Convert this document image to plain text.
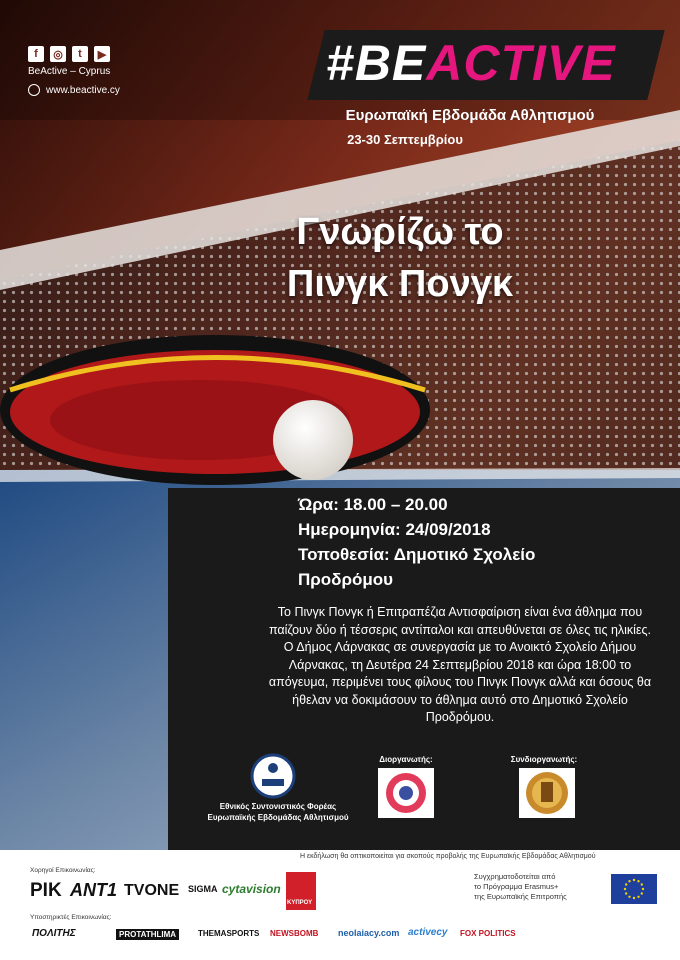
f	◎	t	▶
BeActive – Cyprus
www.beactive.cy	#BEACTIVE
Ευρωπαϊκή Εβδομάδα Αθλητισμού
23-30 Σεπτεμβρίου
Γνωρίζω το
Πινγκ Πονγκ
Ώρα: 18.00 – 20.00
Ημερομηνία: 24/09/2018
Τοποθεσία: Δημοτικό Σχολείο
Προδρόμου

Το Πινγκ Πονγκ ή Επιτραπέζια Αντισφαίριση είναι ένα άθλημα που παίζουν δύο ή τέσσερις αντίπαλοι και απευθύνεται σε όλες τις ηλικίες.

Ο Δήμος Λάρνακας σε συνεργασία με το Ανοικτό Σχολείο Δήμου Λάρνακας, τη Δευτέρα 24 Σεπτεμβρίου 2018 και ώρα 18:00 το απόγευμα, περιμένει τους φίλους του Πινγκ Πονγκ αλλά και όσους θα ήθελαν να δοκιμάσουν το άθλημα αυτό στο Δημοτικό Σχολείο Προδρόμου.

Εθνικός Συντονιστικός Φορέας
Ευρωπαϊκής Εβδομάδας Αθλητισμού
Διοργανωτής:	Συνδιοργανωτής:
Η εκδήλωση θα οπτικοποιείται για σκοπούς προβολής της Ευρωπαϊκής Εβδομάδας Αθλητισμού
Χορηγοί Επικοινωνίας:
ΡΙΚ ANT1 TVONE SIGMA cytavision
ΚΥΠΡΟΥ
Υποστηρικτές Επικοινωνίας:
ΠΟΛΙΤΗΣ	PROTATHLIMA	THEMASPORTS NEWSBOMB neolaiacy.com activecy FOX POLITICS
Συγχρηματοδοτείται από
το Πρόγραμμα Erasmus+
της Ευρωπαϊκής Επιτροπής
